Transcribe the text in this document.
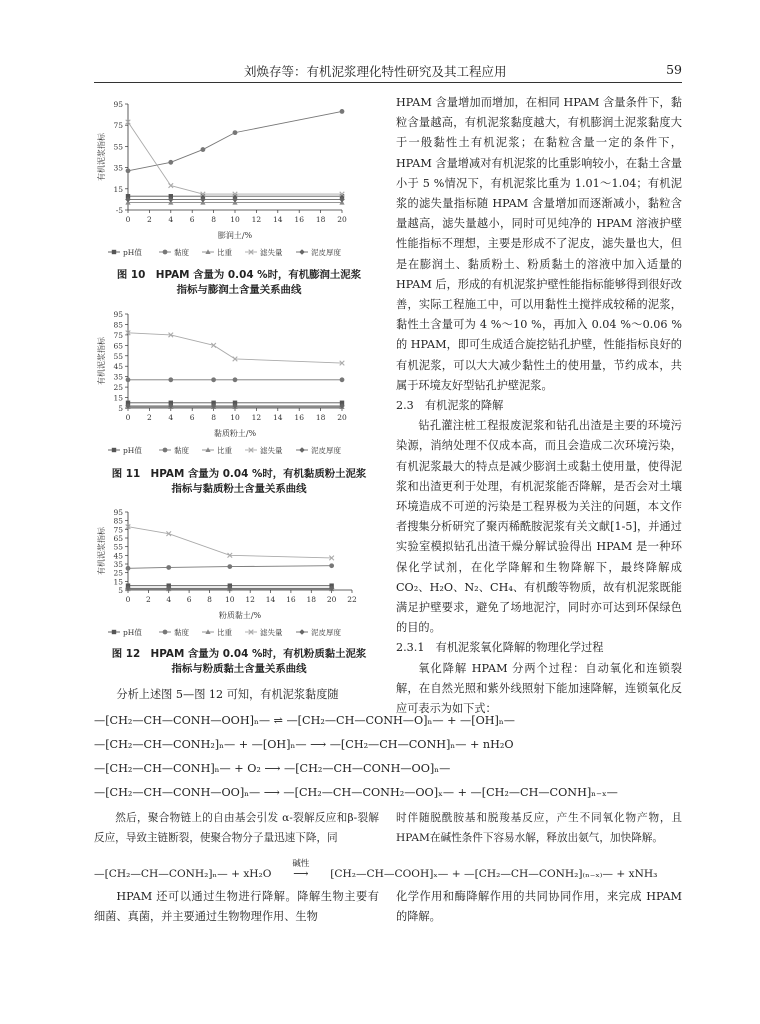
刘焕存等：有机泥浆理化特性研究及其工程应用	59
-5
15
35
55
75
95
0 2 4 6 8 10 12 14 16 18 20
膨润土/%
有机泥浆指标
pH值	黏度	比重	滤失量	泥皮厚度
图 10　HPAM 含量为 0.04 %时，有机膨润土泥浆
指标与膨润土含量关系曲线
5
15
25
35
45
55
65
75
85
95
0 2 4 6 8 10 12 14 16 18 20
黏质粉土/%
有机泥浆指标
pH值	黏度	比重	滤失量	泥皮厚度
图 11　HPAM 含量为 0.04 %时，有机黏质粉土泥浆
指标与黏质粉土含量关系曲线
5
15
25
35
45
55
65
75
85
95
0 2 4 6 8 10 12 14 16 18 20 22
粉质黏土/%
有机泥浆指标
pH值	黏度	比重	滤失量	泥皮厚度
图 12　HPAM 含量为 0.04 %时，有机粉质黏土泥浆
指标与粉质黏土含量关系曲线

分析上述图 5—图 12 可知，有机泥浆黏度随

HPAM 含量增加而增加，在相同 HPAM 含量条件下，黏粒含量越高，有机泥浆黏度越大，有机膨润土泥浆黏度大于一般黏性土有机泥浆；在黏粒含量一定的条件下，HPAM 含量增减对有机泥浆的比重影响较小，在黏土含量小于 5 %情况下，有机泥浆比重为 1.01～1.04；有机泥浆的滤失量指标随 HPAM 含量增加而逐渐减小，黏粒含量越高，滤失量越小，同时可见纯净的 HPAM 溶液护壁性能指标不理想，主要是形成不了泥皮，滤失量也大，但是在膨润土、黏质粉土、粉质黏土的溶液中加入适量的 HPAM 后，形成的有机泥浆护壁性能指标能够得到很好改善，实际工程施工中，可以用黏性土搅拌成较稀的泥浆，黏性土含量可为 4 %～10 %，再加入 0.04 %～0.06 %的 HPAM，即可生成适合旋挖钻孔护壁，性能指标良好的有机泥浆，可以大大减少黏性土的使用量，节约成本，共属于环境友好型钻孔护壁泥浆。

2.3　有机泥浆的降解

钻孔灌注桩工程报废泥浆和钻孔出渣是主要的环境污染源，消纳处理不仅成本高，而且会造成二次环境污染，有机泥浆最大的特点是减少膨润土或黏土使用量，使得泥浆和出渣更利于处理，有机泥浆能否降解，是否会对土壤环境造成不可逆的污染是工程界极为关注的问题，本文作者搜集分析研究了聚丙稀酰胺泥浆有关文献[1-5]，并通过实验室模拟钻孔出渣干燥分解试验得出 HPAM 是一种环保化学试剂，在化学降解和生物降解下，最终降解成 CO₂、H₂O、N₂、CH₄、有机酸等物质，故有机泥浆既能满足护壁要求，避免了场地泥泞，同时亦可达到环保绿色的目的。

2.3.1　有机泥浆氧化降解的物理化学过程

氧化降解 HPAM 分两个过程：自动氧化和连锁裂解，在自然光照和紫外线照射下能加速降解，连锁氧化反应可表示为如下式：

—[CH₂—CH—CONH—OOH]ₙ— ⇌ —[CH₂—CH—CONH—O]ₙ— + —[OH]ₙ—
—[CH₂—CH—CONH₂]ₙ— + —[OH]ₙ— ⟶ —[CH₂—CH—CONH]ₙ— + nH₂O
—[CH₂—CH—CONH]ₙ— + O₂ ⟶ —[CH₂—CH—CONH—OO]ₙ—
—[CH₂—CH—CONH—OO]ₙ— ⟶ —[CH₂—CH—CONH₂—OO]ₓ— + —[CH₂—CH—CONH]ₙ₋ₓ—

然后，聚合物链上的自由基会引发 α-裂解反应和β-裂解反应，导致主链断裂，使聚合物分子量迅速下降，同

时伴随脱酰胺基和脱羧基反应，产生不同氧化物产物，且HPAM在碱性条件下容易水解，释放出氨气，加快降解。

—[CH₂—CH—CONH₂]ₙ— + xH₂O
碱性
⟶ [CH₂—CH—COOH]ₓ— + —[CH₂—CH—CONH₂]₍ₙ₋ₓ₎— + xNH₃

HPAM 还可以通过生物进行降解。降解生物主要有细菌、真菌，并主要通过生物物理作用、生物

化学作用和酶降解作用的共同协同作用，来完成 HPAM 的降解。
